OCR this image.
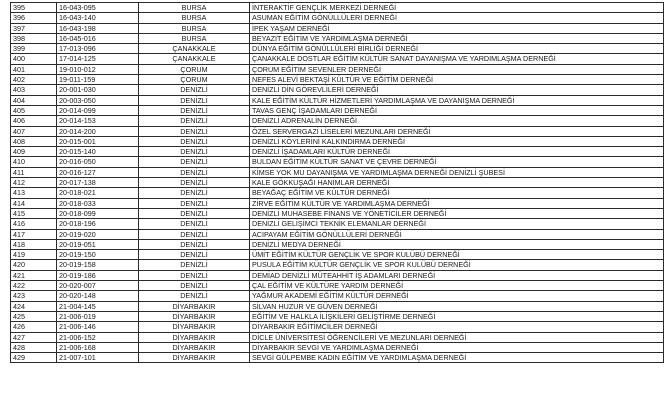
395	16-043-095	BURSA	İNTERAKTİF GENÇLİK MERKEZİ DERNEĞİ
396	16-043-140	BURSA	ASUMAN EĞİTİM GÖNÜLLÜLERİ DERNEĞİ
397	16-043-198	BURSA	İPEK YAŞAM DERNEĞİ
398	16-045-016	BURSA	BEYAZIT EĞİTİM VE YARDIMLAŞMA DERNEĞİ
399	17-013-096	ÇANAKKALE	DÜNYA EĞİTİM GÖNÜLLÜLERİ BİRLİĞİ DERNEĞİ
400	17-014-125	ÇANAKKALE	ÇANAKKALE DOSTLAR EĞİTİM KÜLTÜR SANAT DAYANIŞMA VE YARDIMLAŞMA DERNEĞİ
401	19-010-012	ÇORUM	ÇORUM EĞİTİM SEVENLER DERNEĞİ
402	19-011-159	ÇORUM	NEFES ALEVİ BEKTAŞİ KÜLTÜR VE EĞİTİM DERNEĞİ
403	20-001-030	DENİZLİ	DENİZLİ DİN GÖREVLİLERİ DERNEĞİ
404	20-003-050	DENİZLİ	KALE EĞİTİM KÜLTÜR HİZMETLERİ YARDIMLAŞMA VE DAYANIŞMA DERNEĞİ
405	20-014-099	DENİZLİ	TAVAS GENÇ İŞADAMLARI DERNEĞİ
406	20-014-153	DENİZLİ	DENİZLİ ADRENALİN DERNEĞİ
407	20-014-200	DENİZLİ	ÖZEL SERVERGAZİ LİSELERİ MEZUNLARI DERNEĞİ
408	20-015-001	DENİZLİ	DENİZLİ KÖYLERİNİ KALKINDIRMA DERNEĞİ
409	20-015-140	DENİZLİ	DENİZLİ İŞADAMLARI KÜLTÜR DERNEĞİ
410	20-016-050	DENİZLİ	BULDAN EĞİTİM KÜLTÜR SANAT VE ÇEVRE DERNEĞİ
411	20-016-127	DENİZLİ	KİMSE YOK MU DAYANIŞMA VE YARDIMLAŞMA DERNEĞİ DENİZLİ ŞUBESİ
412	20-017-138	DENİZLİ	KALE GÖKKUŞAĞI HANIMLAR DERNEĞİ
413	20-018-021	DENİZLİ	BEYAĞAÇ EĞİTİM VE KÜLTÜR DERNEĞİ
414	20-018-033	DENİZLİ	ZİRVE EĞİTİM KÜLTÜR VE YARDIMLAŞMA DERNEĞİ
415	20-018-099	DENİZLİ	DENİZLİ MUHASEBE FİNANS VE YÖNETİCİLER DERNEĞİ
416	20-018-196	DENİZLİ	DENİZLİ GELİŞİMCİ TEKNİK ELEMANLAR DERNEĞİ
417	20-019-020	DENİZLİ	ACIPAYAM EĞİTİM GÖNÜLLÜLERİ DERNEĞİ
418	20-019-051	DENİZLİ	DENİZLİ MEDYA DERNEĞİ
419	20-019-150	DENİZLİ	ÜMİT EĞİTİM KÜLTÜR GENÇLİK VE SPOR KULÜBÜ DERNEĞİ
420	20-019-158	DENİZLİ	PUSULA EĞİTİM KÜLTÜR GENÇLİK VE SPOR KULÜBÜ DERNEĞİ
421	20-019-186	DENİZLİ	DEMİAD DENİZLİ MÜTEAHHİT İŞ ADAMLARI DERNEĞİ
422	20-020-007	DENİZLİ	ÇAL EĞİTİM VE KÜLTÜRE YARDIM DERNEĞİ
423	20-020-148	DENİZLİ	YAĞMUR AKADEMİ EĞİTİM KÜLTÜR DERNEĞİ
424	21-004-145	DİYARBAKIR	SİLVAN HUZUR VE GÜVEN DERNEĞİ
425	21-006-019	DİYARBAKIR	EĞİTİM VE HALKLA İLİŞKİLERİ GELİŞTİRME DERNEĞİ
426	21-006-146	DİYARBAKIR	DİYARBAKIR EĞİTİMCİLER DERNEĞİ
427	21-006-152	DİYARBAKIR	DİCLE ÜNİVERSİTESİ ÖĞRENCİLERİ VE MEZUNLARI DERNEĞİ
428	21-006-168	DİYARBAKIR	DİYARBAKIR SEVGİ VE YARDIMLAŞMA DERNEĞİ
429	21-007-101	DİYARBAKIR	SEVGİ GÜLPEMBE KADIN EĞİTİM VE YARDIMLAŞMA DERNEĞİ
